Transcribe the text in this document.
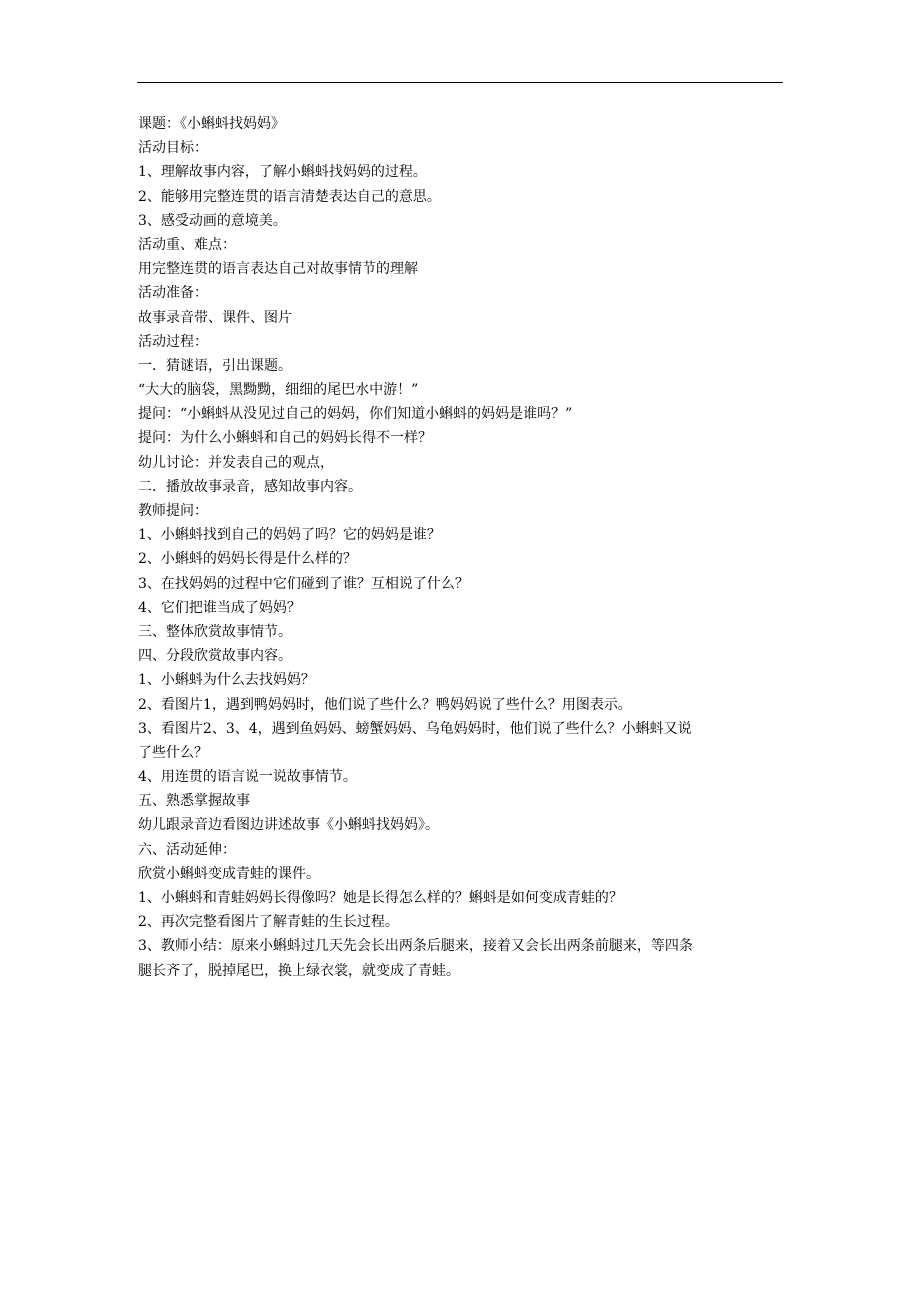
课题：《小蝌蚪找妈妈》
活动目标：
1、理解故事内容，了解小蝌蚪找妈妈的过程。
2、能够用完整连贯的语言清楚表达自己的意思。
3、感受动画的意境美。
活动重、难点：
用完整连贯的语言表达自己对故事情节的理解
活动准备：
故事录音带、课件、图片
活动过程：
一．猜谜语，引出课题。
“大大的脑袋，黑黝黝，细细的尾巴水中游！”
提问：“小蝌蚪从没见过自己的妈妈，你们知道小蝌蚪的妈妈是谁吗？”
提问：为什么小蝌蚪和自己的妈妈长得不一样？
幼儿讨论：并发表自己的观点，
二．播放故事录音，感知故事内容。
教师提问：
1、小蝌蚪找到自己的妈妈了吗？它的妈妈是谁？
2、小蝌蚪的妈妈长得是什么样的？
3、在找妈妈的过程中它们碰到了谁？互相说了什么？
4、它们把谁当成了妈妈？
三、整体欣赏故事情节。
四、分段欣赏故事内容。
1、小蝌蚪为什么去找妈妈？
2、看图片1，遇到鸭妈妈时，他们说了些什么？鸭妈妈说了些什么？用图表示。
3、看图片2、3、4，遇到鱼妈妈、螃蟹妈妈、乌龟妈妈时，他们说了些什么？小蝌蚪又说
了些什么？
4、用连贯的语言说一说故事情节。
五、熟悉掌握故事
幼儿跟录音边看图边讲述故事《小蝌蚪找妈妈》。
六、活动延伸：
欣赏小蝌蚪变成青蛙的课件。
1、小蝌蚪和青蛙妈妈长得像吗？她是长得怎么样的？蝌蚪是如何变成青蛙的？
2、再次完整看图片了解青蛙的生长过程。
3、教师小结：原来小蝌蚪过几天先会长出两条后腿来，接着又会长出两条前腿来，等四条
腿长齐了，脱掉尾巴，换上绿衣裳，就变成了青蛙。
